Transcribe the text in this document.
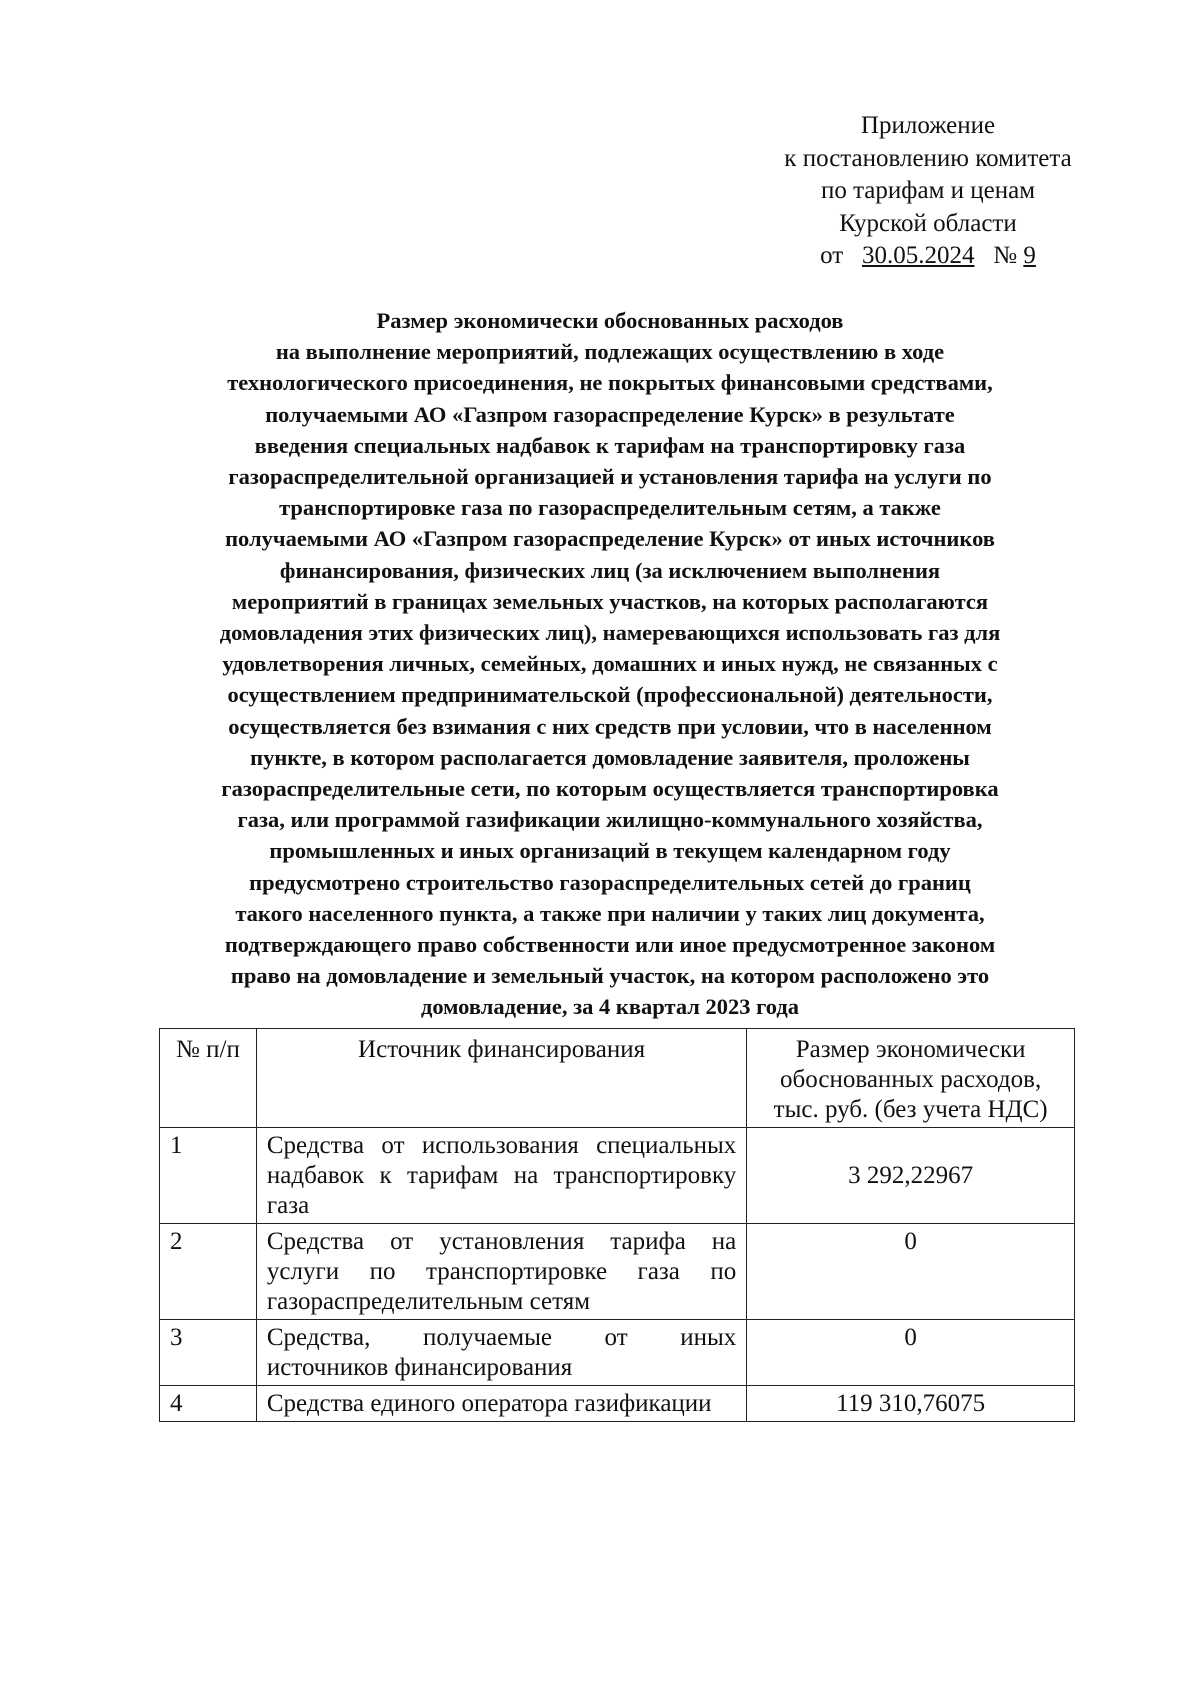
Приложение
к постановлению комитета
по тарифам и ценам
Курской области
от 30.05.2024 № 9
Размер экономически обоснованных расходов
на выполнение мероприятий, подлежащих осуществлению в ходе
технологического присоединения, не покрытых финансовыми средствами,
получаемыми АО «Газпром газораспределение Курск» в результате
введения специальных надбавок к тарифам на транспортировку газа
газораспределительной организацией и установления тарифа на услуги по
транспортировке газа по газораспределительным сетям, а также
получаемыми АО «Газпром газораспределение Курск» от иных источников
финансирования, физических лиц (за исключением выполнения
мероприятий в границах земельных участков, на которых располагаются
домовладения этих физических лиц), намеревающихся использовать газ для
удовлетворения личных, семейных, домашних и иных нужд, не связанных с
осуществлением предпринимательской (профессиональной) деятельности,
осуществляется без взимания с них средств при условии, что в населенном
пункте, в котором располагается домовладение заявителя, проложены
газораспределительные сети, по которым осуществляется транспортировка
газа, или программой газификации жилищно-коммунального хозяйства,
промышленных и иных организаций в текущем календарном году
предусмотрено строительство газораспределительных сетей до границ
такого населенного пункта, а также при наличии у таких лиц документа,
подтверждающего право собственности или иное предусмотренное законом
право на домовладение и земельный участок, на котором расположено это
домовладение, за 4 квартал 2023 года
№ п/п	Источник финансирования	Размер экономически
обоснованных расходов,
тыс. руб. (без учета НДС)

1	Средства от использования специальных
надбавок к тарифам на транспортировку
газа	3 292,22967
2	Средства от установления тарифа на
услуги по транспортировке газа по
газораспределительным сетям	0
3	Средства, получаемые от иных
источников финансирования	0
4	Средства единого оператора газификации	119 310,76075
